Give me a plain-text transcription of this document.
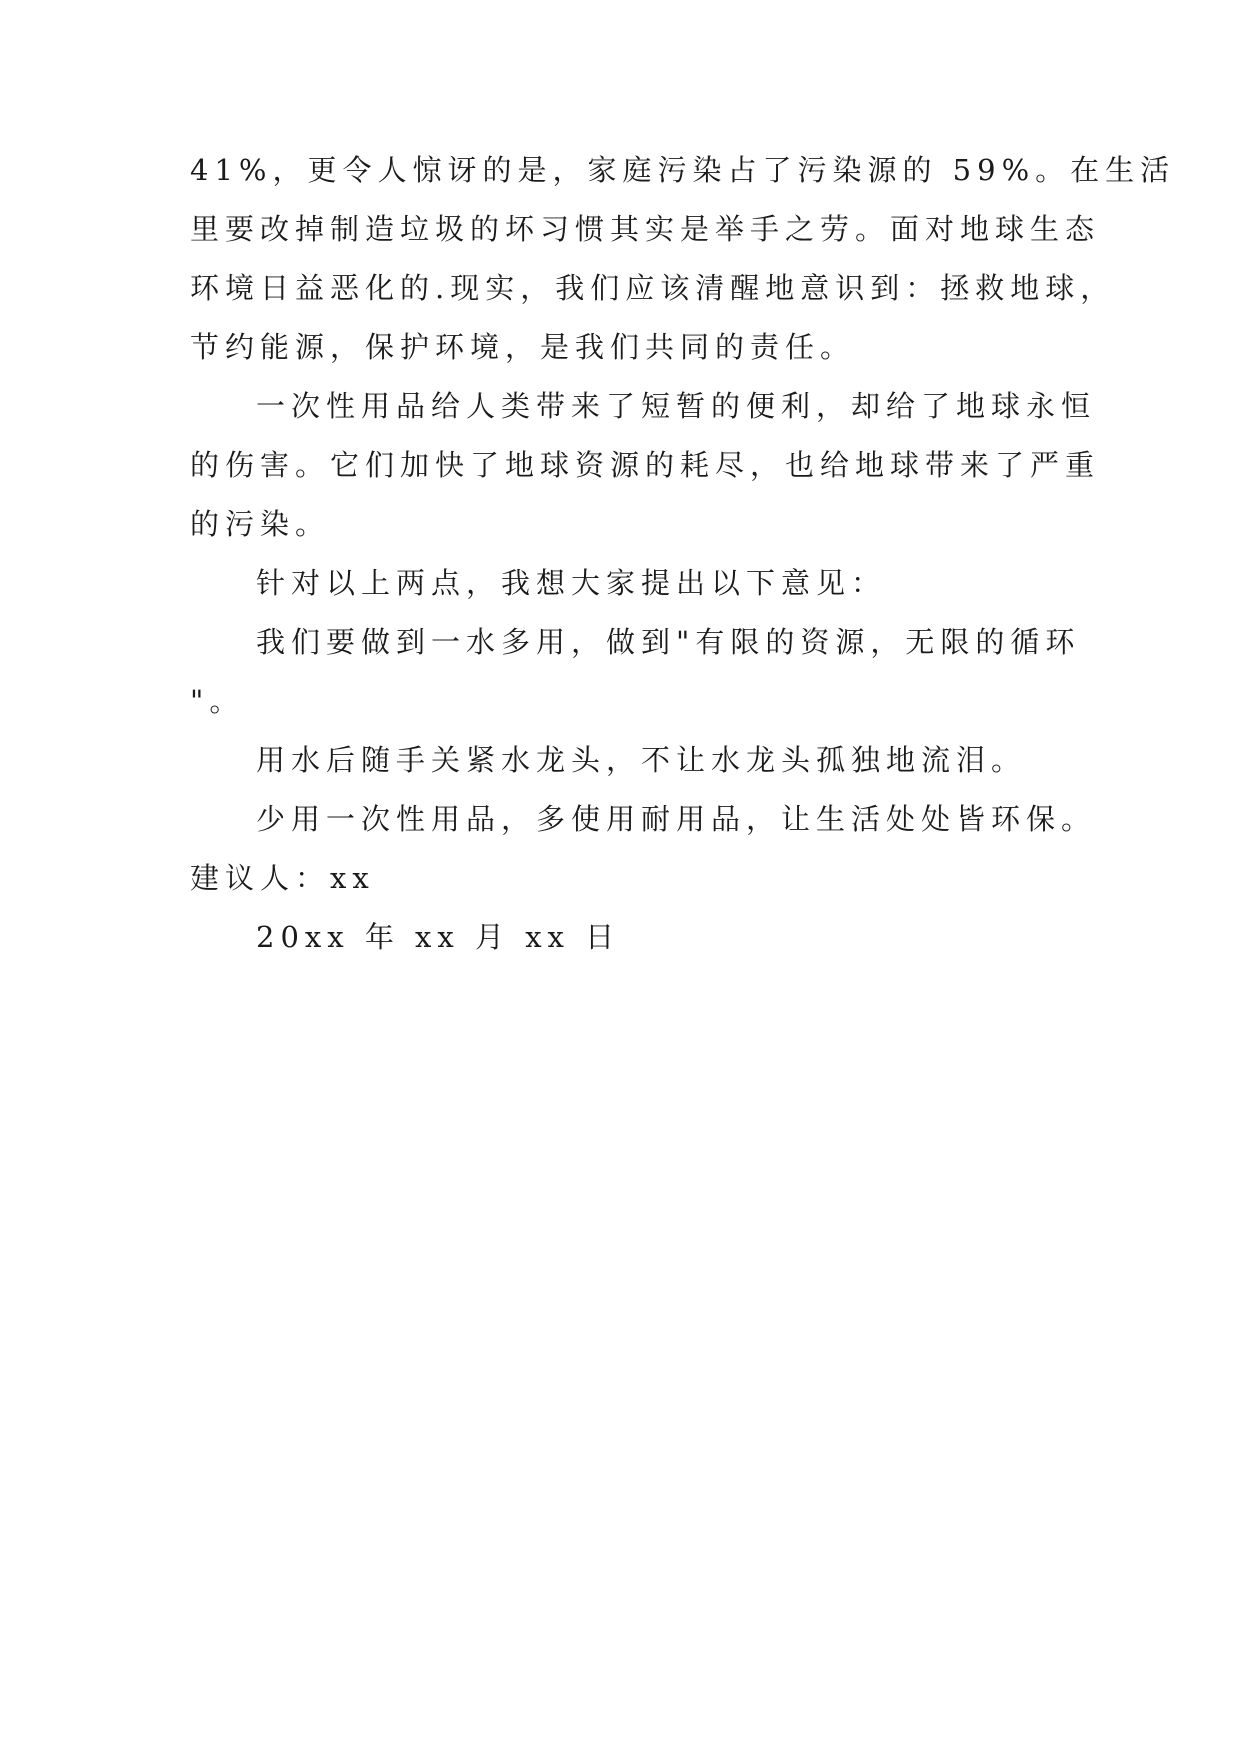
41%，更令人惊讶的是，家庭污染占了污染源的 59%。在生活
里要改掉制造垃圾的坏习惯其实是举手之劳。面对地球生态
环境日益恶化的.现实，我们应该清醒地意识到：拯救地球，
节约能源，保护环境，是我们共同的责任。
一次性用品给人类带来了短暂的便利，却给了地球永恒
的伤害。它们加快了地球资源的耗尽，也给地球带来了严重
的污染。
针对以上两点，我想大家提出以下意见：
我们要做到一水多用，做到"有限的资源，无限的循环
"。
用水后随手关紧水龙头，不让水龙头孤独地流泪。
少用一次性用品，多使用耐用品，让生活处处皆环保。
建议人：xx
20xx 年 xx 月 xx 日
